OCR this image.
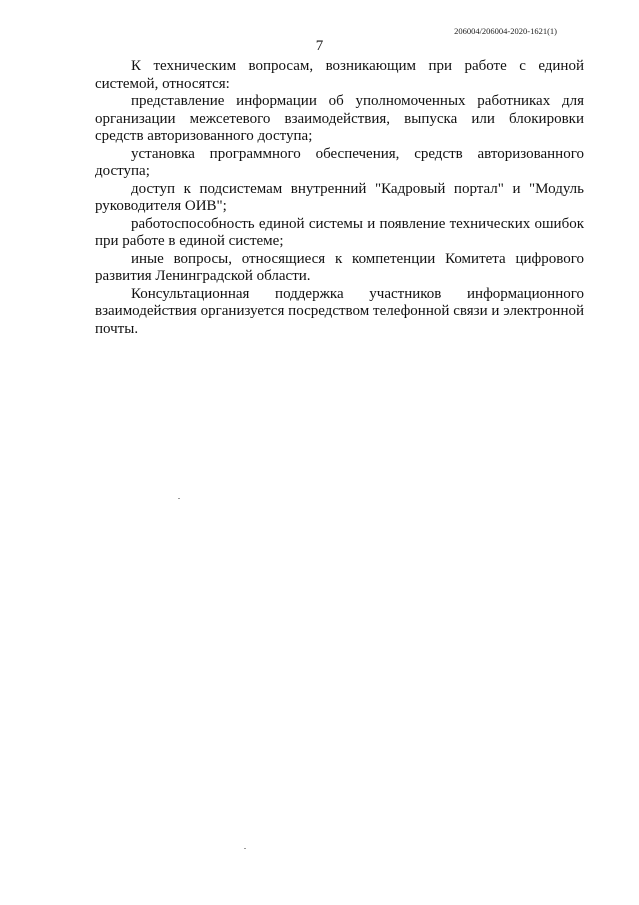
206004/206004-2020-1621(1)
7

К техническим вопросам, возникающим при работе с единой системой, относятся:

представление информации об уполномоченных работниках для организации межсетевого взаимодействия, выпуска или блокировки средств авторизованного доступа;

установка программного обеспечения, средств авторизованного доступа;

доступ к подсистемам внутренний "Кадровый портал" и "Модуль руководителя ОИВ";

работоспособность единой системы и появление технических ошибок при работе в единой системе;

иные вопросы, относящиеся к компетенции Комитета цифрового развития Ленинградской области.

Консультационная поддержка участников информационного взаимодействия организуется посредством телефонной связи и электронной почты.
